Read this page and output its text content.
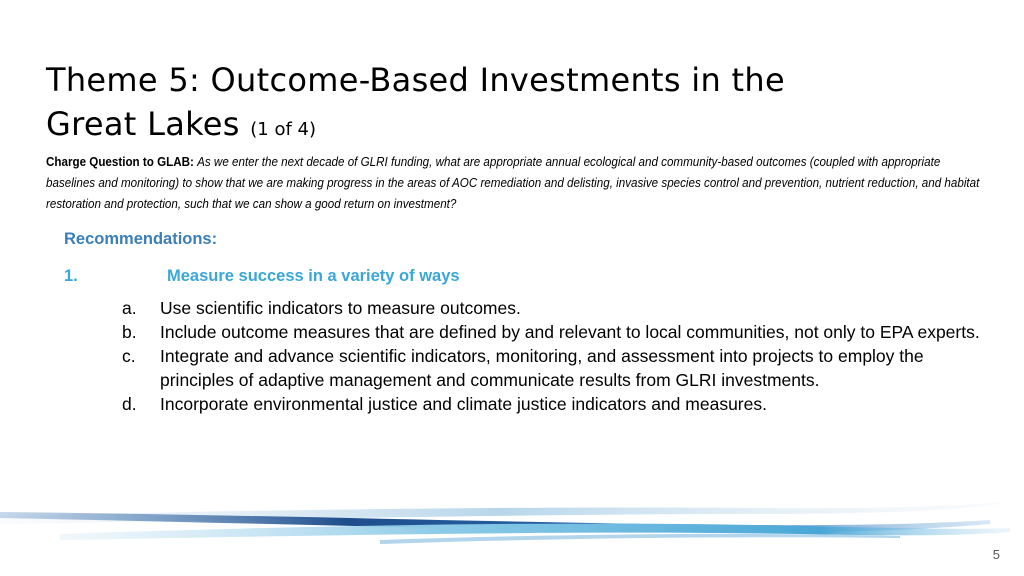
Theme 5: Outcome-Based Investments in the
Great Lakes (1 of 4)

Charge Question to GLAB: As we enter the next decade of GLRI funding, what are appropriate annual ecological and community-based outcomes (coupled with appropriate baselines and monitoring) to show that we are making progress in the areas of AOC remediation and delisting, invasive species control and prevention, nutrient reduction, and habitat restoration and protection, such that we can show a good return on investment?

Recommendations:
1.	Measure success in a variety of ways
a. Use scientific indicators to measure outcomes.
b. Include outcome measures that are defined by and relevant to local communities, not only to EPA experts.
c. Integrate and advance scientific indicators, monitoring, and assessment into projects to employ the principles of adaptive management and communicate results from GLRI investments.
d. Incorporate environmental justice and climate justice indicators and measures.
5
